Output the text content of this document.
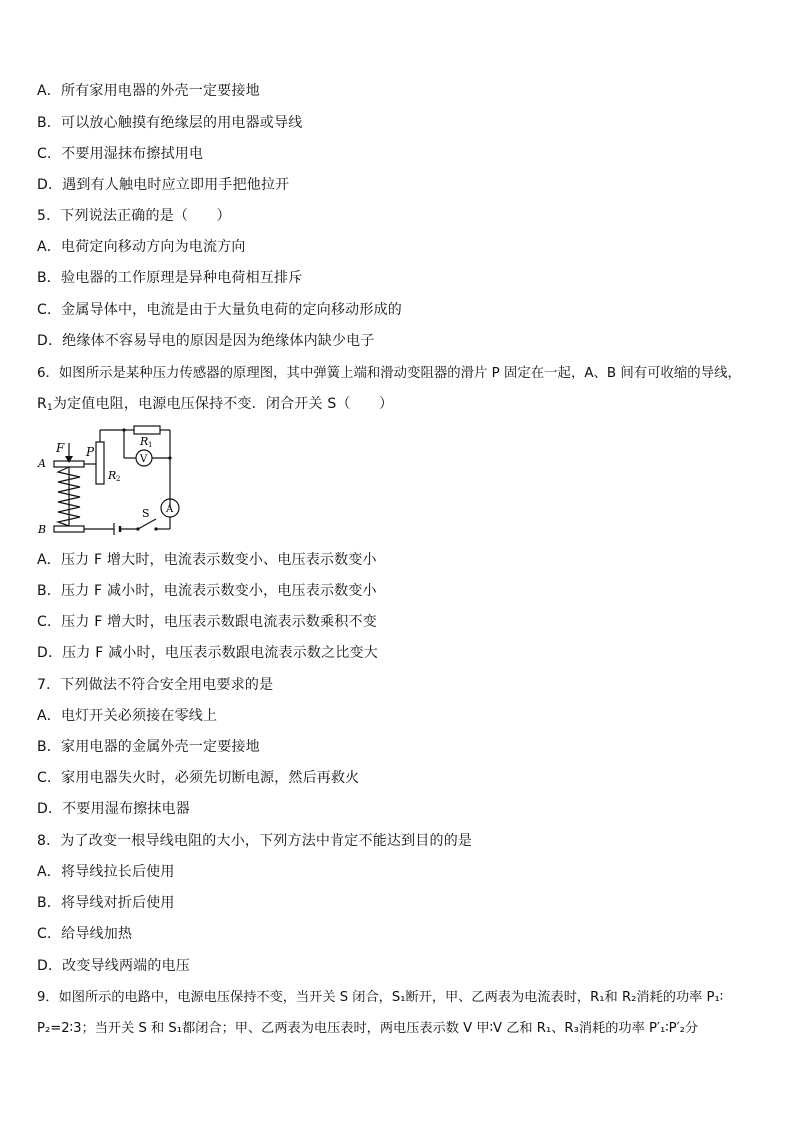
A．所有家用电器的外壳一定要接地
B．可以放心触摸有绝缘层的用电器或导线
C．不要用湿抹布擦拭用电
D．遇到有人触电时应立即用手把他拉开
5．下列说法正确的是（　　）
A．电荷定向移动方向为电流方向
B．验电器的工作原理是异种电荷相互排斥
C．金属导体中，电流是由于大量负电荷的定向移动形成的
D．绝缘体不容易导电的原因是因为绝缘体内缺少电子
6．如图所示是某种压力传感器的原理图，其中弹簧上端和滑动变阻器的滑片 P 固定在一起，A、B 间有可收缩的导线，
$R_1$为定值电阻，电源电压保持不变．闭合开关 S（　　）
F P
A
B
R 1
R 2
V
A
S
A．压力 F 增大时，电流表示数变小、电压表示数变小
B．压力 F 减小时，电流表示数变小，电压表示数变小
C．压力 F 增大时，电压表示数跟电流表示数乘积不变
D．压力 F 减小时，电压表示数跟电流表示数之比变大
7．下列做法不符合安全用电要求的是
A．电灯开关必须接在零线上
B．家用电器的金属外壳一定要接地
C．家用电器失火时，必须先切断电源，然后再救火
D．不要用湿布擦抹电器
8．为了改变一根导线电阻的大小，下列方法中肯定不能达到目的的是
A．将导线拉长后使用
B．将导线对折后使用
C．给导线加热
D．改变导线两端的电压
9．如图所示的电路中，电源电压保持不变，当开关 S 闭合，S₁断开，甲、乙两表为电流表时，R₁和 R₂消耗的功率 P₁∶
P₂=2∶3；当开关 S 和 S₁都闭合；甲、乙两表为电压表时，两电压表示数 V 甲∶V 乙和 R₁、R₃消耗的功率 P′₁∶P′₂分
